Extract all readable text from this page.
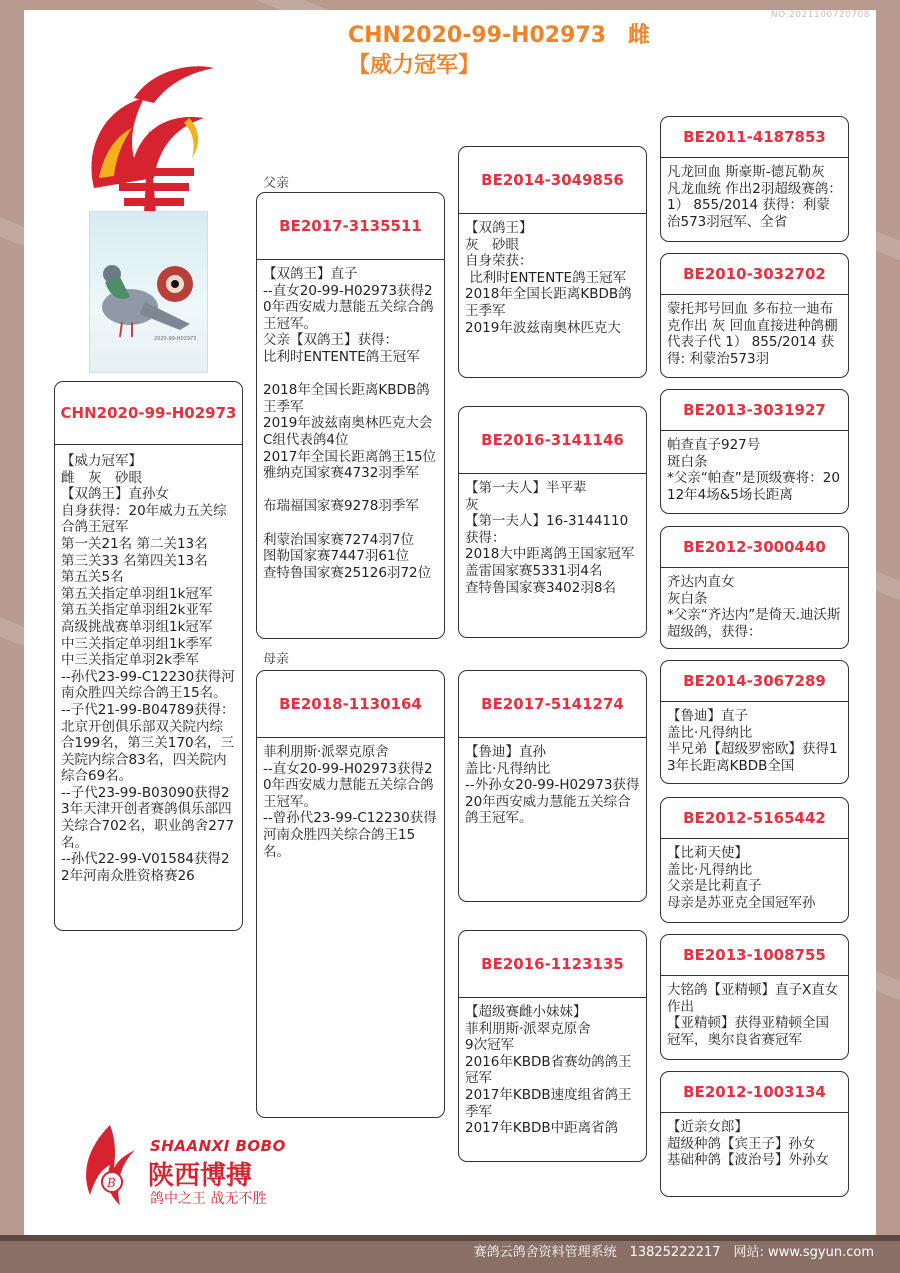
NO:2021100720708
CHN2020-99-H02973　雌
【威力冠军】
2020-99-H02973
父亲
母亲
CHN2020-99-H02973
【威力冠军】
雌　灰　砂眼
【双鸽王】直孙女
自身获得：20年威力五关综合鸽王冠军
第一关21名 第二关13名
第三关33 名第四关13名
第五关5名
第五关指定单羽组1k冠军
第五关指定单羽组2k亚军
高级挑战赛单羽组1k冠军
中三关指定单羽组1k季军
中三关指定单羽2k季军
--孙代23-99-C12230获得河南众胜四关综合鸽王15名。
--子代21-99-B04789获得：北京开创俱乐部双关院内综合199名，第三关170名，三关院内综合83名，四关院内综合69名。
--子代23-99-B03090获得23年天津开创者赛鸽俱乐部四关综合702名，职业鸽舍277名。
--孙代22-99-V01584获得22年河南众胜资格赛26
BE2017-3135511
【双鸽王】直子
--直女20-99-H02973获得20年西安威力慧能五关综合鸽王冠军。
父亲【双鸽王】获得：
比利时ENTENTE鸽王冠军

2018年全国长距离KBDB鸽王季军
2019年波兹南奥林匹克大会C组代表鸽4位
2017年全国长距离鸽王15位
雅纳克国家赛4732羽季军

布瑞福国家赛9278羽季军

利蒙治国家赛7274羽7位
图勒国家赛7447羽61位
查特鲁国家赛25126羽72位
BE2018-1130164
菲利朋斯·派翠克原舍
--直女20-99-H02973获得20年西安威力慧能五关综合鸽王冠军。
--曾孙代23-99-C12230获得河南众胜四关综合鸽王15名。
BE2014-3049856
【双鸽王】
灰　砂眼
自身荣获：
比利时ENTENTE鸽王冠军
2018年全国长距离KBDB鸽王季军
2019年波兹南奥林匹克大
BE2016-3141146
【第一夫人】半平辈
灰
【第一夫人】16-3144110获得：
2018大中距离鸽王国家冠军
盖雷国家赛5331羽4名
查特鲁国家赛3402羽8名
BE2017-5141274
【鲁迪】直孙
盖比·凡得纳比
--外孙女20-99-H02973获得20年西安威力慧能五关综合鸽王冠军。
BE2016-1123135
【超级赛雌小妹妹】
菲利朋斯·派翠克原舍
9次冠军
2016年KBDB省赛幼鸽鸽王冠军
2017年KBDB速度组省鸽王季军
2017年KBDB中距离省鸽
BE2011-4187853
凡龙回血 斯豪斯-德瓦勒灰 凡龙血统 作出2羽超级赛鸽：1） 855/2014 获得：利蒙治573羽冠军、全省
BE2010-3032702
蒙托邦号回血 多布拉一迪布克作出 灰 回血直接进种鸽棚 代表子代 1） 855/2014 获得: 利蒙治573羽
BE2013-3031927
帕查直子927号
斑白条
*父亲“帕查”是顶级赛将：2012年4场&5场长距离
BE2012-3000440
齐达内直女
灰白条
*父亲“齐达内”是倚天.迪沃斯超级鸽，获得：
BE2014-3067289
【鲁迪】直子
盖比·凡得纳比
半兄弟【超级罗密欧】获得13年长距离KBDB全国
BE2012-5165442
【比莉天使】
盖比·凡得纳比
父亲是比莉直子
母亲是苏亚克全国冠军孙
BE2013-1008755
大铭鸽【亚精顿】直子X直女作出
【亚精顿】获得亚精顿全国冠军，奥尔良省赛冠军
BE2012-1003134
【近亲女郎】
超级种鸽【宾王子】孙女
基础种鸽【波治号】外孙女
B
SHAANXI BOBO
陕西博搏
鸽中之王 战无不胜
赛鸽云鸽舍资料管理系统　13825222217　网站: www.sgyun.com
